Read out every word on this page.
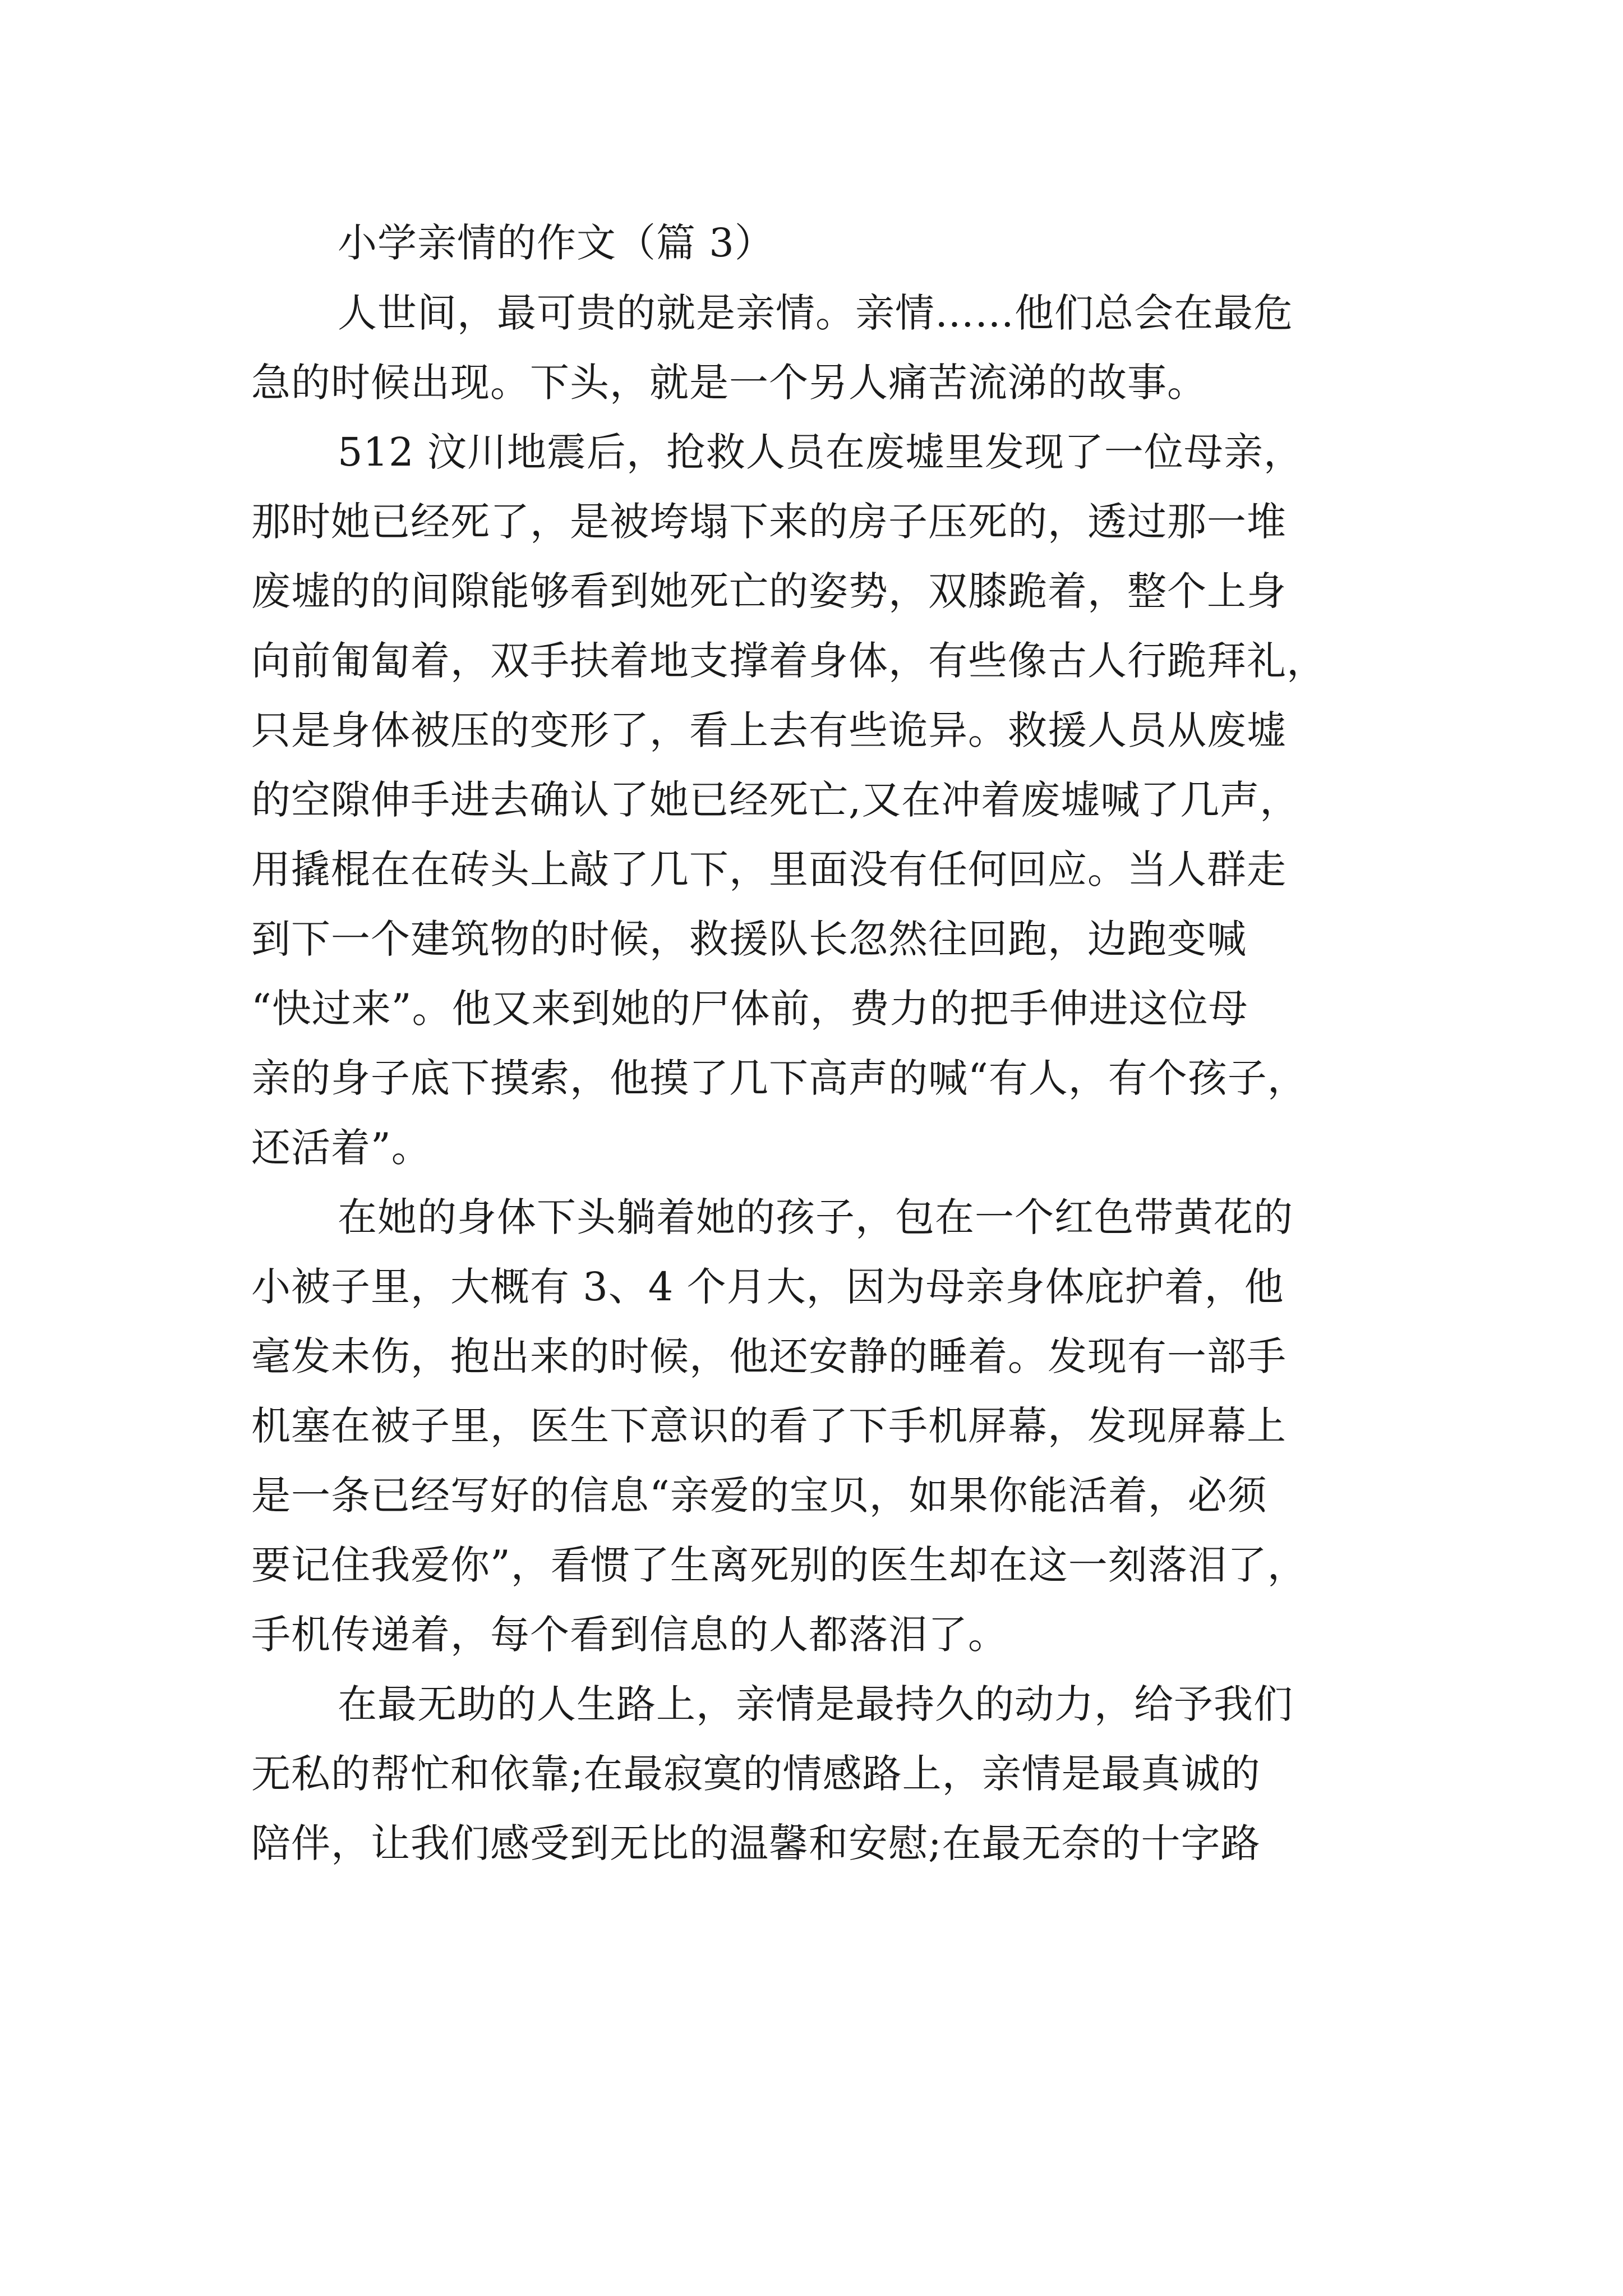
小学亲情的作文（篇 3）
人世间，最可贵的就是亲情。亲情……他们总会在最危
急的时候出现。下头，就是一个另人痛苦流涕的故事。
512 汶川地震后，抢救人员在废墟里发现了一位母亲，
那时她已经死了，是被垮塌下来的房子压死的，透过那一堆
废墟的的间隙能够看到她死亡的姿势，双膝跪着，整个上身
向前匍匐着，双手扶着地支撑着身体，有些像古人行跪拜礼，
只是身体被压的变形了，看上去有些诡异。救援人员从废墟
的空隙伸手进去确认了她已经死亡,又在冲着废墟喊了几声，
用撬棍在在砖头上敲了几下，里面没有任何回应。当人群走
到下一个建筑物的时候，救援队长忽然往回跑，边跑变喊
“快过来”。他又来到她的尸体前，费力的把手伸进这位母
亲的身子底下摸索，他摸了几下高声的喊“有人，有个孩子，
还活着”。
在她的身体下头躺着她的孩子，包在一个红色带黄花的
小被子里，大概有 3、4 个月大，因为母亲身体庇护着，他
毫发未伤，抱出来的时候，他还安静的睡着。发现有一部手
机塞在被子里，医生下意识的看了下手机屏幕，发现屏幕上
是一条已经写好的信息“亲爱的宝贝，如果你能活着，必须
要记住我爱你”，看惯了生离死别的医生却在这一刻落泪了，
手机传递着，每个看到信息的人都落泪了。
在最无助的人生路上，亲情是最持久的动力，给予我们
无私的帮忙和依靠;在最寂寞的情感路上，亲情是最真诚的
陪伴，让我们感受到无比的温馨和安慰;在最无奈的十字路
